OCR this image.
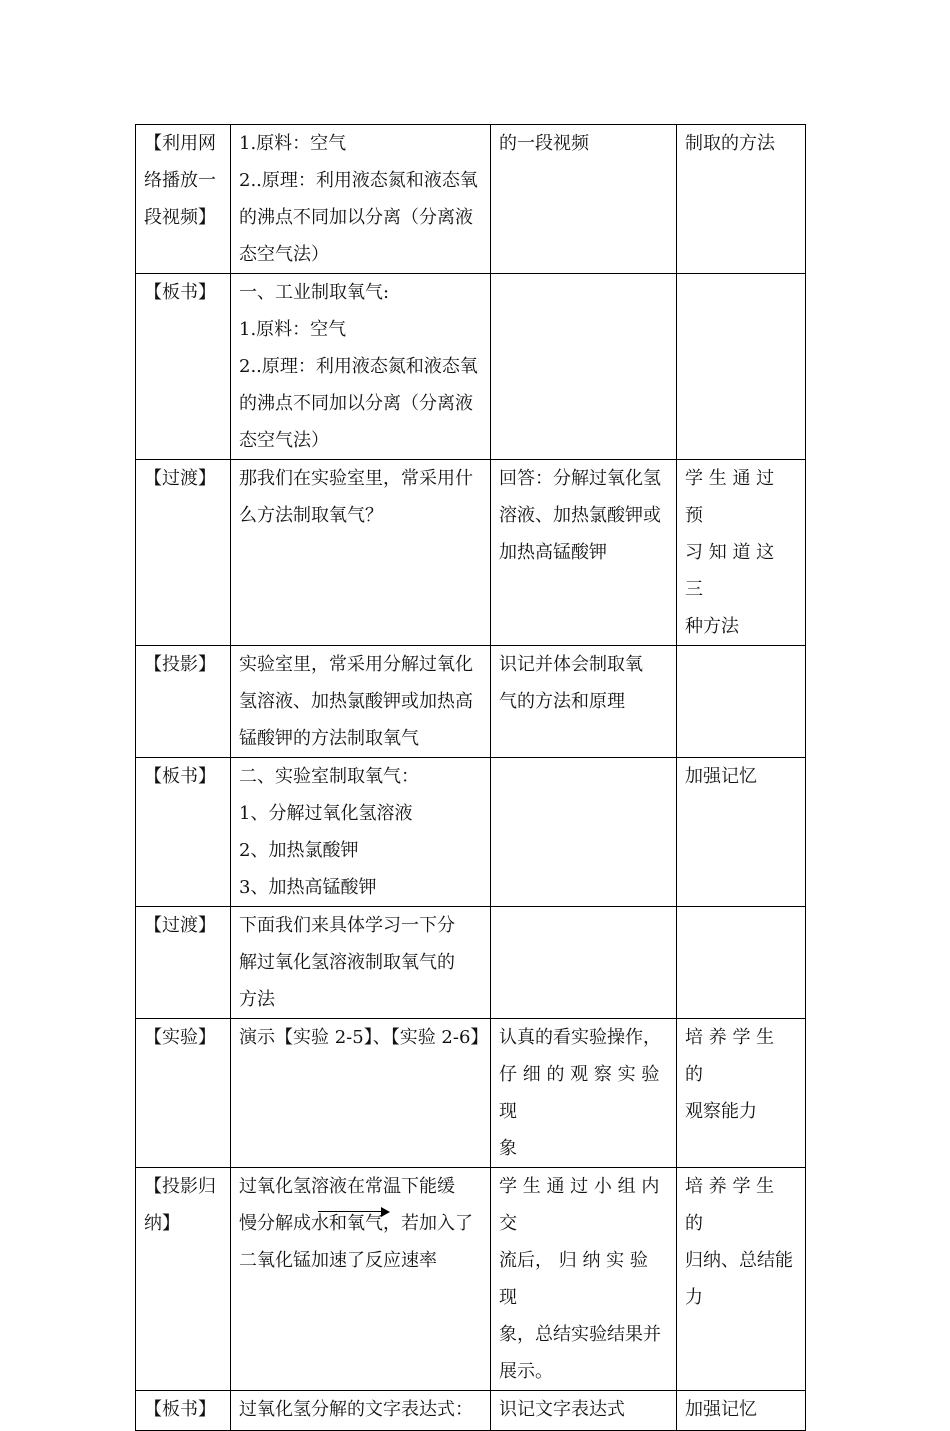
【利用网
络播放一
段视频】	1.原料：空气
2..原理：利用液态氮和液态氧
的沸点不同加以分离（分离液
态空气法）	的一段视频	制取的方法

【板书】	一、工业制取氧气:
1.原料：空气
2..原理：利用液态氮和液态氧
的沸点不同加以分离（分离液
态空气法）		

【过渡】	那我们在实验室里，常采用什
么方法制取氧气？	回答：分解过氧化氢
溶液、加热氯酸钾或
加热高锰酸钾	学 生 通 过 预
习 知 道 这 三
种方法

【投影】	实验室里，常采用分解过氧化
氢溶液、加热氯酸钾或加热高
锰酸钾的方法制取氧气	识记并体会制取氧
气的方法和原理	

【板书】	二、实验室制取氧气：
1、分解过氧化氢溶液
2、加热氯酸钾
3、加热高锰酸钾		加强记忆

【过渡】	下面我们来具体学习一下分
解过氧化氢溶液制取氧气的
方法		

【实验】	演示【实验 2-5】、【实验 2-6】	认真的看实验操作，
仔 细 的 观 察 实 验 现
象	培 养 学 生 的
观察能力

【投影归
纳】	过氧化氢溶液在常温下能缓
慢分解成水和氧气，若加入了
二氧化锰加速了反应速率	学 生 通 过 小 组 内 交
流后， 归 纳 实 验 现
象，总结实验结果并
展示。	培 养 学 生 的
归纳、总结能
力

【板书】	过氧化氢分解的文字表达式：	识记文字表达式	加强记忆
